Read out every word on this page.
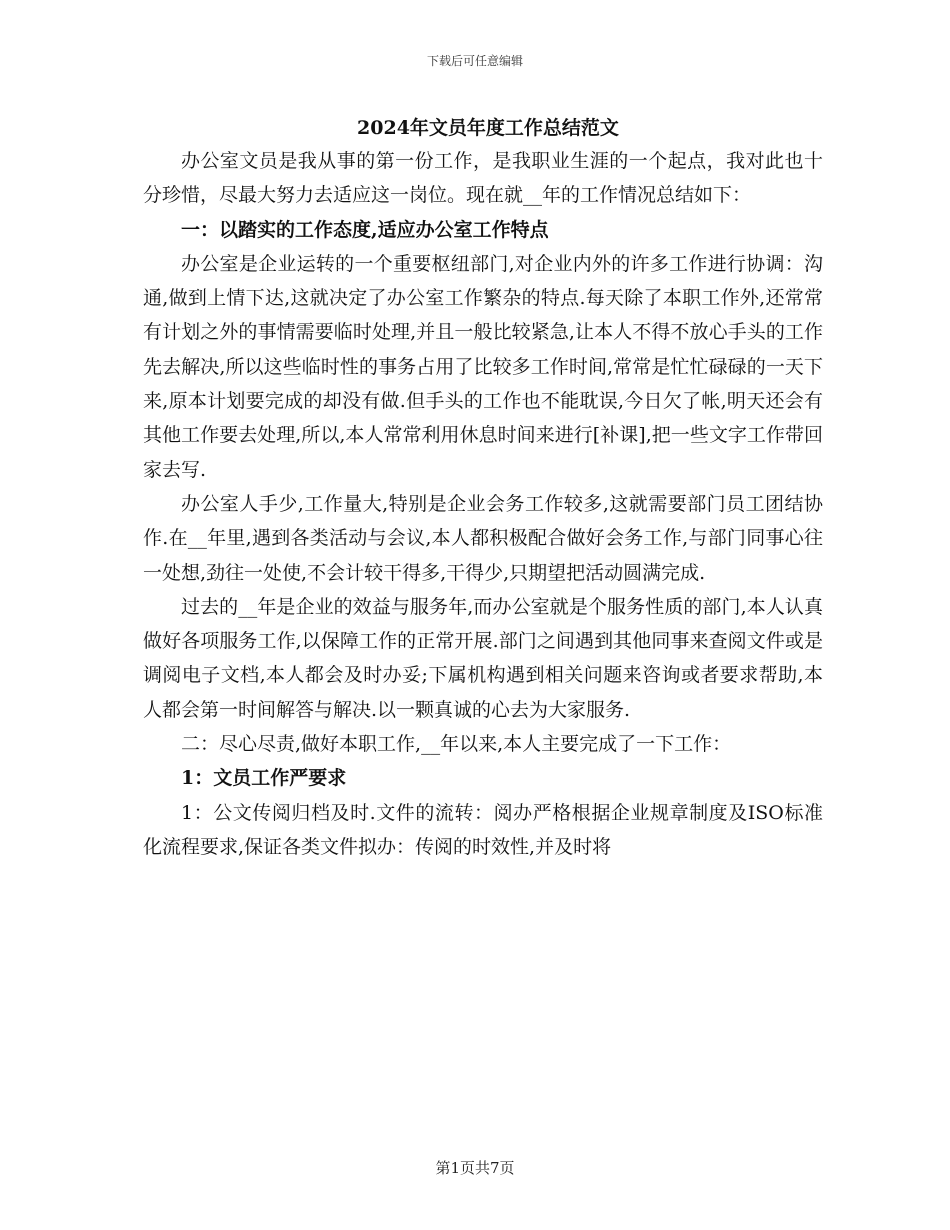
下载后可任意编辑
2024年文员年度工作总结范文

办公室文员是我从事的第一份工作，是我职业生涯的一个起点，我对此也十分珍惜，尽最大努力去适应这一岗位。现在就__年的工作情况总结如下：

一：以踏实的工作态度,适应办公室工作特点

办公室是企业运转的一个重要枢纽部门,对企业内外的许多工作进行协调：沟通,做到上情下达,这就决定了办公室工作繁杂的特点.每天除了本职工作外,还常常有计划之外的事情需要临时处理,并且一般比较紧急,让本人不得不放心手头的工作先去解决,所以这些临时性的事务占用了比较多工作时间,常常是忙忙碌碌的一天下来,原本计划要完成的却没有做.但手头的工作也不能耽误,今日欠了帐,明天还会有其他工作要去处理,所以,本人常常利用休息时间来进行[补课],把一些文字工作带回家去写.

办公室人手少,工作量大,特别是企业会务工作较多,这就需要部门员工团结协作.在__年里,遇到各类活动与会议,本人都积极配合做好会务工作,与部门同事心往一处想,劲往一处使,不会计较干得多,干得少,只期望把活动圆满完成.

过去的__年是企业的效益与服务年,而办公室就是个服务性质的部门,本人认真做好各项服务工作,以保障工作的正常开展.部门之间遇到其他同事来查阅文件或是调阅电子文档,本人都会及时办妥;下属机构遇到相关问题来咨询或者要求帮助,本人都会第一时间解答与解决.以一颗真诚的心去为大家服务.

二：尽心尽责,做好本职工作,__年以来,本人主要完成了一下工作：

1：文员工作严要求

1：公文传阅归档及时.文件的流转：阅办严格根据企业规章制度及ISO标准化流程要求,保证各类文件拟办：传阅的时效性,并及时将

第1页共7页
